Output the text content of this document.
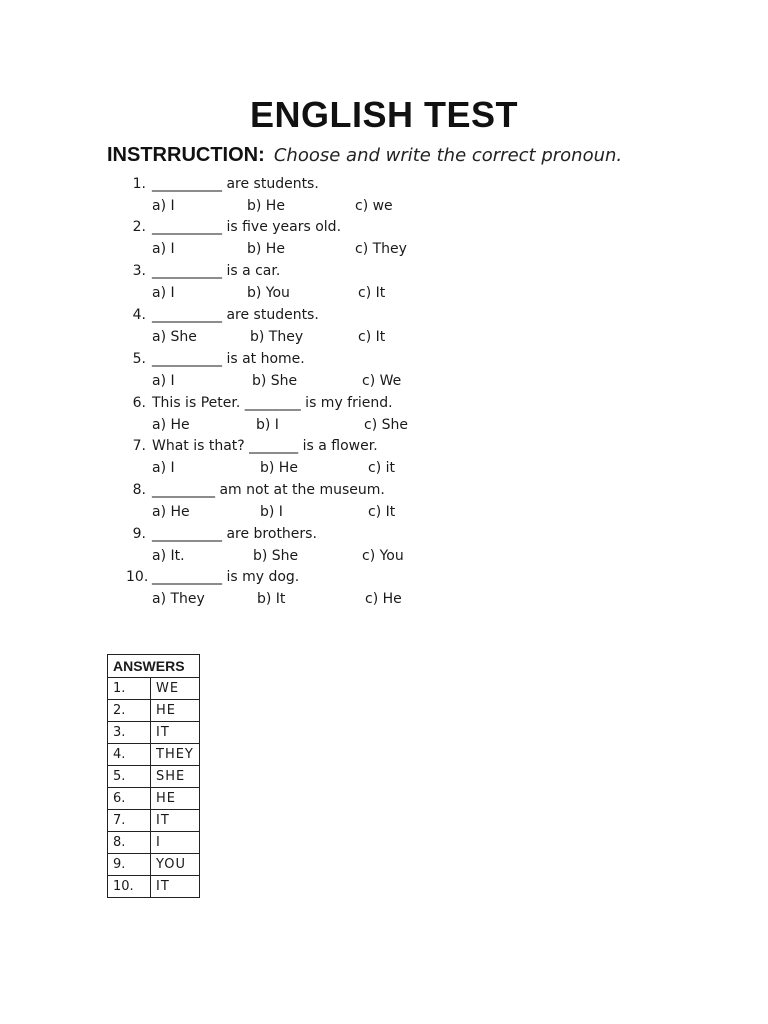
ENGLISH TEST
INSTRRUCTION: Choose and write the correct pronoun.
1. __________ are students.
a) I	b) He	c) we
2. __________ is five years old.
a) I	b) He	c) They
3. __________ is a car.
a) I	b) You	c) It
4. __________ are students.
a) She	b) They	c) It
5. __________ is at home.
a) I	b) She	c) We
6. This is Peter. ________ is my friend.
a) He	b) I	c) She
7. What is that? _______ is a flower.
a) I	b) He	c) it
8. _________ am not at the museum.
a) He	b) I	c) It
9. __________ are brothers.
a) It.	b) She	c) You
10. __________ is my dog.
a) They	b) It	c) He
ANSWERS	
1.	WE
2.	HE
3.	IT
4.	THEY
5.	SHE
6.	HE
7.	IT
8.	I
9.	YOU
10.	IT
